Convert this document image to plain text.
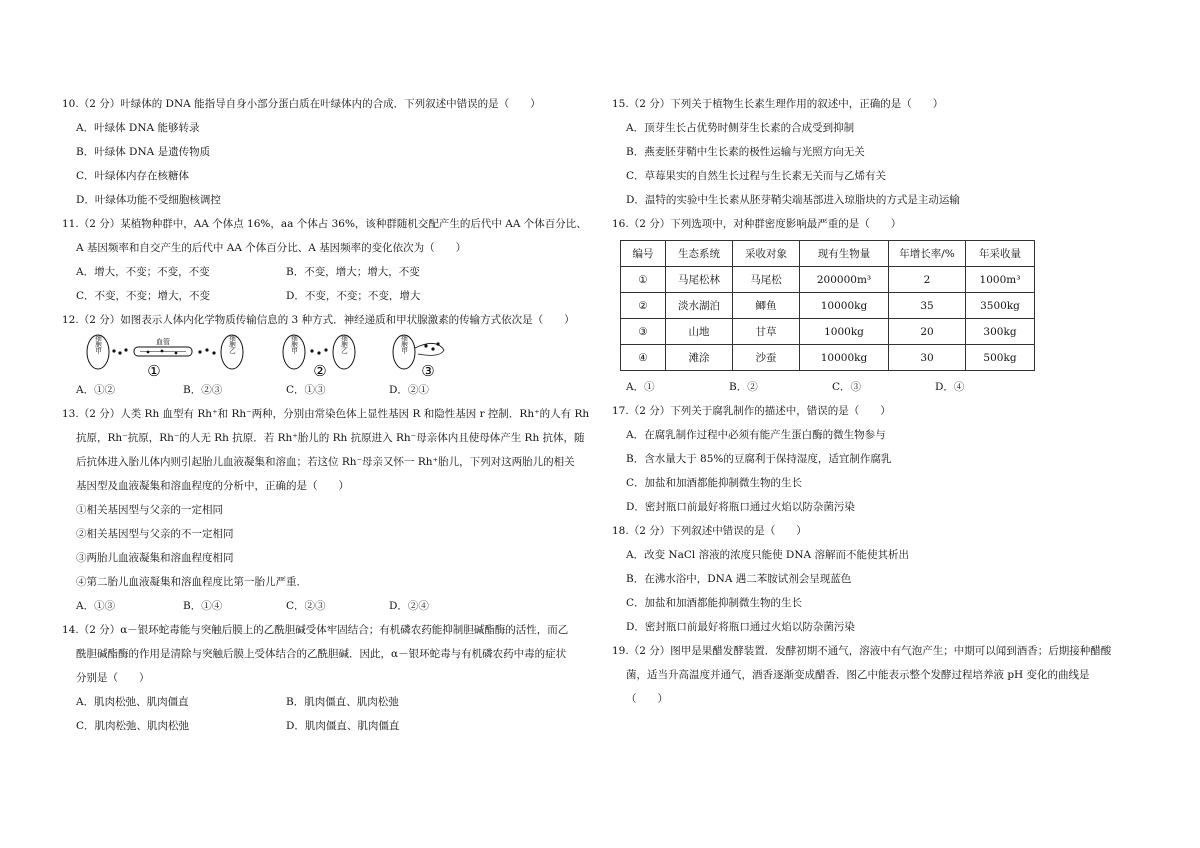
10.（2 分）叶绿体的 DNA 能指导自身小部分蛋白质在叶绿体内的合成．下列叙述中错误的是（　　）
A．叶绿体 DNA 能够转录
B．叶绿体 DNA 是遗传物质
C．叶绿体内存在核糖体
D．叶绿体功能不受细胞核调控
11.（2 分）某植物种群中，AA 个体点 16%，aa 个体占 36%，该种群随机交配产生的后代中 AA 个体百分比、
A 基因频率和自交产生的后代中 AA 个体百分比、A 基因频率的变化依次为（　　）
A．增大，不变；不变，不变	B．不变，增大；增大，不变
C．不变，不变；增大，不变	D．不变，不变；不变，增大
12.（2 分）如图表示人体内化学物质传输信息的 3 种方式．神经递质和甲状腺激素的传输方式依次是（　　）
细胞甲	血管	细胞乙
①
细胞甲	细胞乙
②
细胞甲
③
A．①②	B．②③	C．①③	D．②①
13.（2 分）人类 Rh 血型有 Rh⁺和 Rh⁻两种，分别由常染色体上显性基因 R 和隐性基因 r 控制．Rh⁺的人有 Rh
抗原，Rh⁻抗原，Rh⁻的人无 Rh 抗原．若 Rh⁺胎儿的 Rh 抗原进入 Rh⁻母亲体内且使母体产生 Rh 抗体，随
后抗体进入胎儿体内则引起胎儿血液凝集和溶血；若这位 Rh⁻母亲又怀一 Rh⁺胎儿，下列对这两胎儿的相关
基因型及血液凝集和溶血程度的分析中，正确的是（　　）
①相关基因型与父亲的一定相同
②相关基因型与父亲的不一定相同
③两胎儿血液凝集和溶血程度相同
④第二胎儿血液凝集和溶血程度比第一胎儿严重．
A．①③	B．①④	C．②③	D．②④
14.（2 分）α－银环蛇毒能与突触后膜上的乙酰胆碱受体牢固结合；有机磷农药能抑制胆碱酯酶的活性，而乙
酰胆碱酯酶的作用是清除与突触后膜上受体结合的乙酰胆碱．因此，α－银环蛇毒与有机磷农药中毒的症状
分别是（　　）
A．肌肉松弛、肌肉僵直	B．肌肉僵直、肌肉松弛
C．肌肉松弛、肌肉松弛	D．肌肉僵直、肌肉僵直
15.（2 分）下列关于植物生长素生理作用的叙述中，正确的是（　　）
A．顶芽生长占优势时侧芽生长素的合成受到抑制
B．燕麦胚芽鞘中生长素的极性运输与光照方向无关
C．草莓果实的自然生长过程与生长素无关而与乙烯有关
D．温特的实验中生长素从胚芽鞘尖端基部进入琼脂块的方式是主动运输
16.（2 分）下列选项中，对种群密度影响最严重的是（　　）
编号	生态系统	采收对象	现有生物量	年增长率/%	年采收量
①	马尾松林	马尾松	200000m³	2	1000m³
②	淡水湖泊	鲫鱼	10000kg	35	3500kg
③	山地	甘草	1000kg	20	300kg
④	滩涂	沙蚕	10000kg	30	500kg
A．①	B．②	C．③	D．④
17.（2 分）下列关于腐乳制作的描述中，错误的是（　　）
A．在腐乳制作过程中必须有能产生蛋白酶的微生物参与
B．含水量大于 85%的豆腐利于保持湿度，适宜制作腐乳
C．加盐和加酒都能抑制微生物的生长
D．密封瓶口前最好将瓶口通过火焰以防杂菌污染
18.（2 分）下列叙述中错误的是（　　）
A．改变 NaCl 溶液的浓度只能使 DNA 溶解而不能使其析出
B．在沸水浴中，DNA 遇二苯胺试剂会呈现蓝色
C．加盐和加酒都能抑制微生物的生长
D．密封瓶口前最好将瓶口通过火焰以防杂菌污染
19.（2 分）图甲是果醋发酵装置．发酵初期不通气，溶液中有气泡产生；中期可以闻到酒香；后期接种醋酸
菌，适当升高温度并通气，酒香逐渐变成醋香．图乙中能表示整个发酵过程培养液 pH 变化的曲线是
（　　）
